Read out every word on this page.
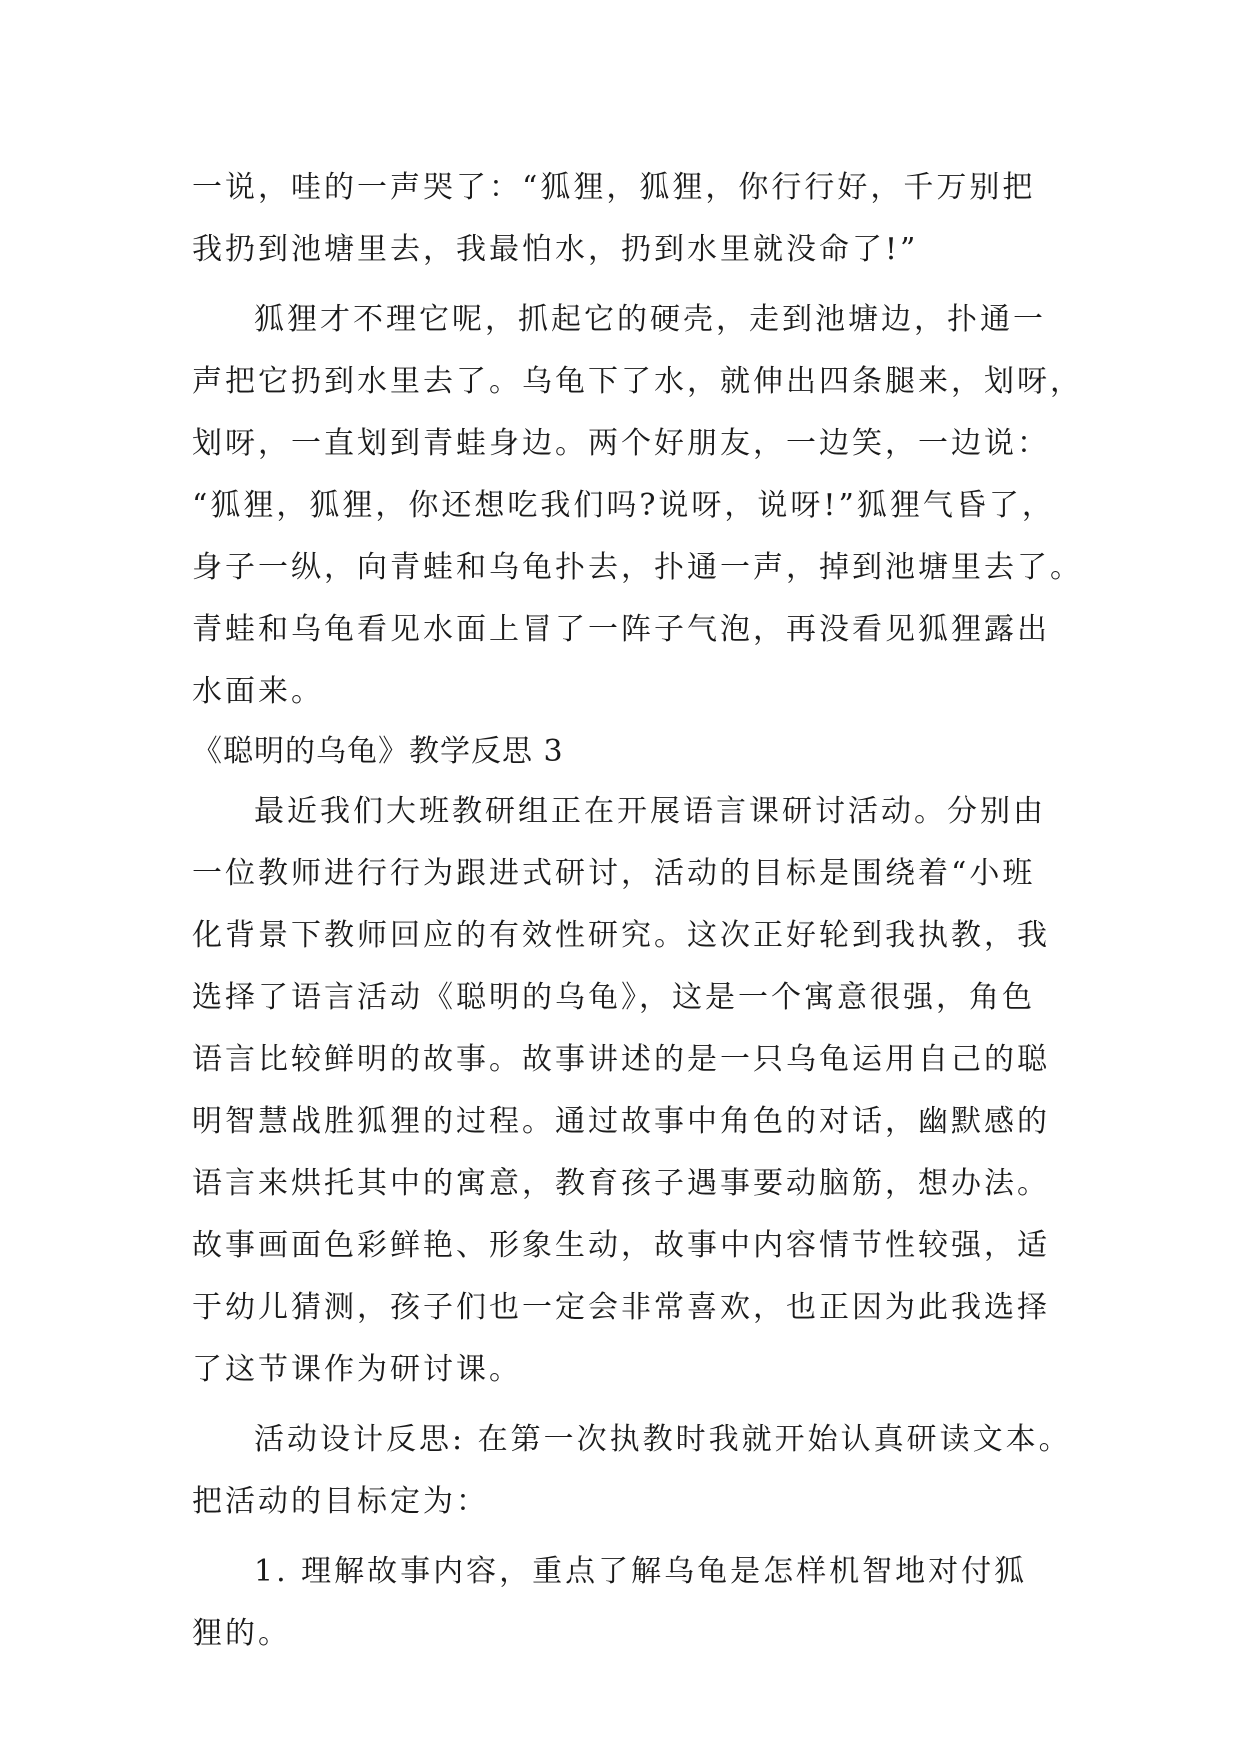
一说，哇的一声哭了：“狐狸，狐狸，你行行好，千万别把
我扔到池塘里去，我最怕水，扔到水里就没命了!”
狐狸才不理它呢，抓起它的硬壳，走到池塘边，扑通一
声把它扔到水里去了。乌龟下了水，就伸出四条腿来，划呀，
划呀，一直划到青蛙身边。两个好朋友，一边笑，一边说：
“狐狸，狐狸，你还想吃我们吗?说呀，说呀!”狐狸气昏了，
身子一纵，向青蛙和乌龟扑去，扑通一声，掉到池塘里去了。
青蛙和乌龟看见水面上冒了一阵子气泡，再没看见狐狸露出
水面来。
《聪明的乌龟》教学反思 3
最近我们大班教研组正在开展语言课研讨活动。分别由
一位教师进行行为跟进式研讨，活动的目标是围绕着“小班
化背景下教师回应的有效性研究。这次正好轮到我执教，我
选择了语言活动《聪明的乌龟》，这是一个寓意很强，角色
语言比较鲜明的故事。故事讲述的是一只乌龟运用自己的聪
明智慧战胜狐狸的过程。通过故事中角色的对话，幽默感的
语言来烘托其中的寓意，教育孩子遇事要动脑筋，想办法。
故事画面色彩鲜艳、形象生动，故事中内容情节性较强，适
于幼儿猜测，孩子们也一定会非常喜欢，也正因为此我选择
了这节课作为研讨课。
活动设计反思: 在第一次执教时我就开始认真研读文本。
把活动的目标定为：
1. 理解故事内容，重点了解乌龟是怎样机智地对付狐
狸的。
